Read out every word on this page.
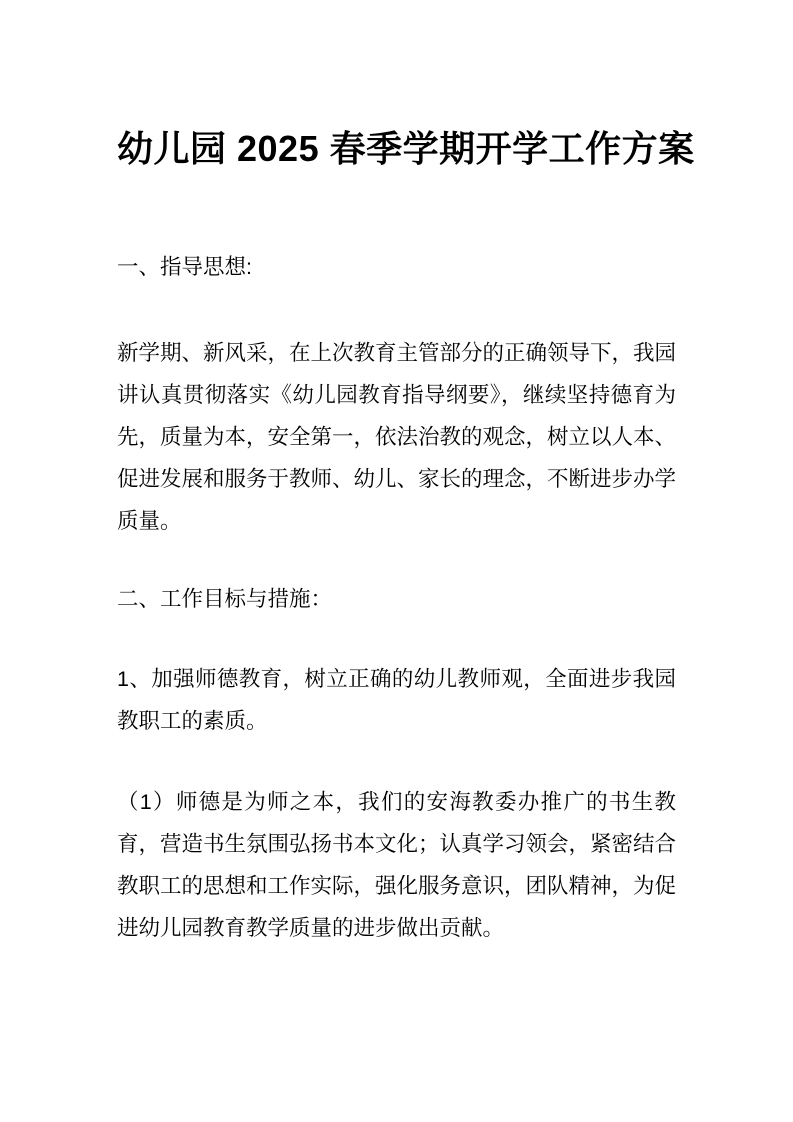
幼儿园 2025 春季学期开学工作方案
一、指导思想:
新学期、新风采，在上次教育主管部分的正确领导下，我园讲认真贯彻落实《幼儿园教育指导纲要》，继续坚持德育为先，质量为本，安全第一，依法治教的观念，树立以人本、促进发展和服务于教师、幼儿、家长的理念，不断进步办学质量。
二、工作目标与措施：
1、加强师德教育，树立正确的幼儿教师观，全面进步我园教职工的素质。
（1）师德是为师之本，我们的安海教委办推广的书生教育，营造书生氛围弘扬书本文化；认真学习领会，紧密结合教职工的思想和工作实际，强化服务意识，团队精神，为促进幼儿园教育教学质量的进步做出贡献。
